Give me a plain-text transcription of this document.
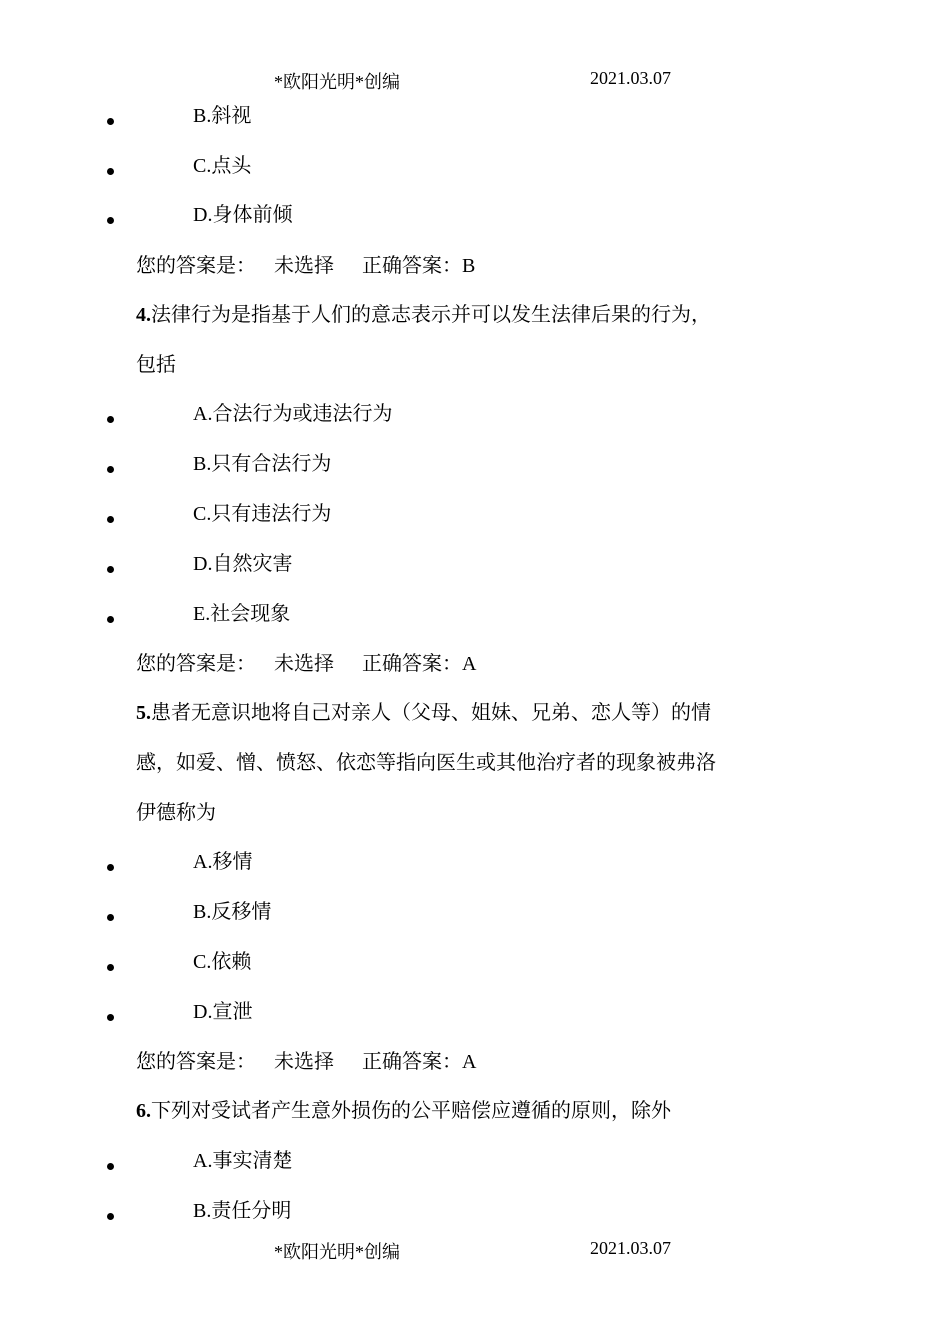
*欧阳光明*创编	2021.03.07
B.斜视
C.点头
D.身体前倾
您的答案是： 未选择 正确答案：B
4.法律行为是指基于人们的意志表示并可以发生法律后果的行为，
包括
A.合法行为或违法行为
B.只有合法行为
C.只有违法行为
D.自然灾害
E.社会现象
您的答案是： 未选择 正确答案：A
5.患者无意识地将自己对亲人（父母、姐妹、兄弟、恋人等）的情
感，如爱、憎、愤怒、依恋等指向医生或其他治疗者的现象被弗洛
伊德称为
A.移情
B.反移情
C.依赖
D.宣泄
您的答案是： 未选择 正确答案：A
6.下列对受试者产生意外损伤的公平赔偿应遵循的原则，除外
A.事实清楚
B.责任分明
*欧阳光明*创编	2021.03.07
